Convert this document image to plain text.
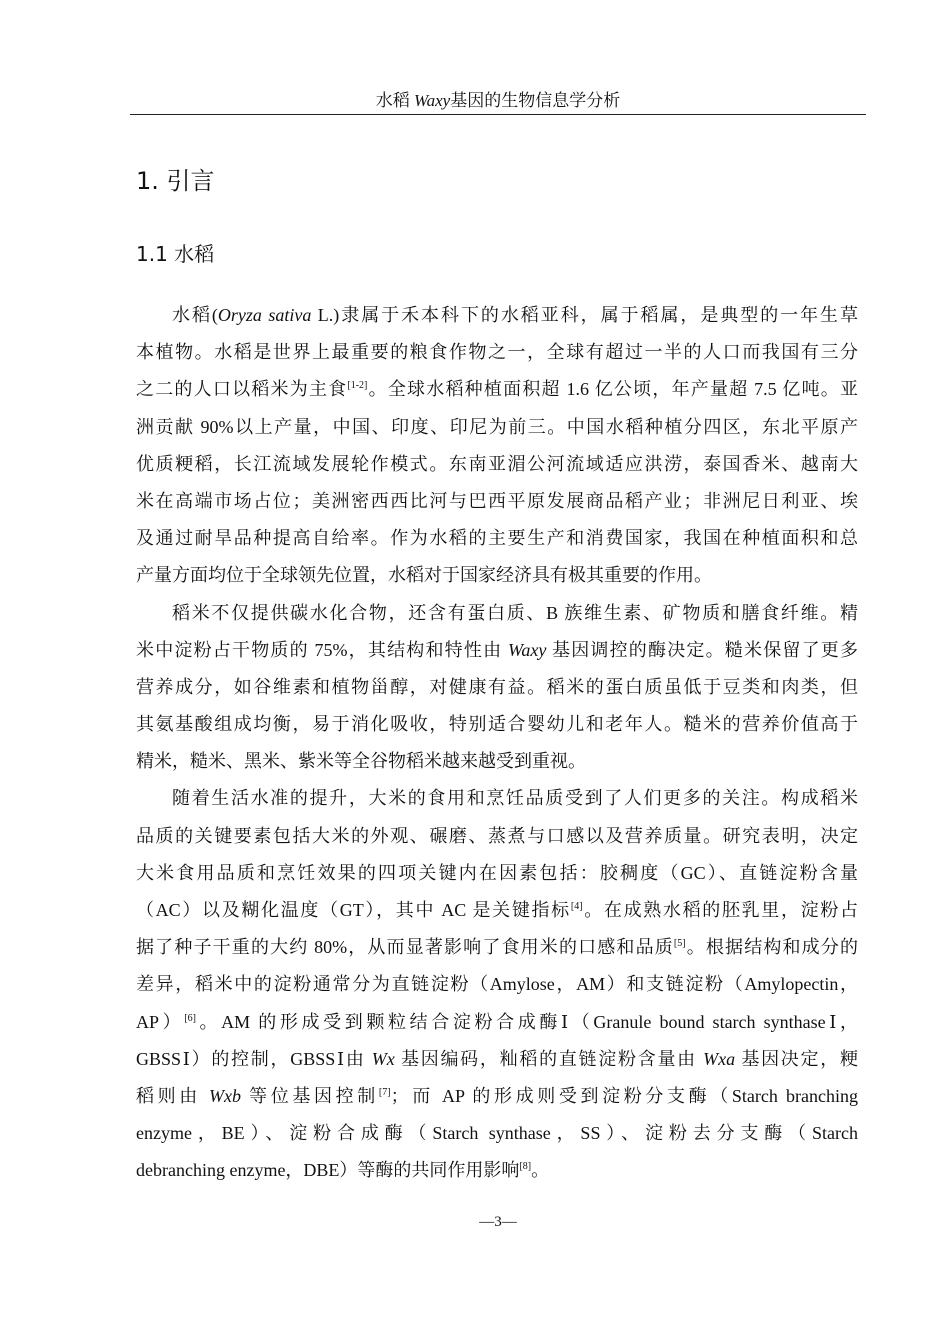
水稻 Waxy基因的生物信息学分析
1. 引言
1.1 水稻
水稻(Oryza sativa L.)隶属于禾本科下的水稻亚科，属于稻属，是典型的一年生草
本植物。水稻是世界上最重要的粮食作物之一，全球有超过一半的人口而我国有三分
之二的人口以稻米为主食[1-2]。全球水稻种植面积超 1.6 亿公顷，年产量超 7.5 亿吨。亚
洲贡献 90%以上产量，中国、印度、印尼为前三。中国水稻种植分四区，东北平原产
优质粳稻，长江流域发展轮作模式。东南亚湄公河流域适应洪涝，泰国香米、越南大
米在高端市场占位；美洲密西西比河与巴西平原发展商品稻产业；非洲尼日利亚、埃
及通过耐旱品种提高自给率。作为水稻的主要生产和消费国家，我国在种植面积和总
产量方面均位于全球领先位置，水稻对于国家经济具有极其重要的作用。
稻米不仅提供碳水化合物，还含有蛋白质、B 族维生素、矿物质和膳食纤维。精
米中淀粉占干物质的 75%，其结构和特性由 Waxy 基因调控的酶决定。糙米保留了更多
营养成分，如谷维素和植物甾醇，对健康有益。稻米的蛋白质虽低于豆类和肉类，但
其氨基酸组成均衡，易于消化吸收，特别适合婴幼儿和老年人。糙米的营养价值高于
精米，糙米、黑米、紫米等全谷物稻米越来越受到重视。
随着生活水准的提升，大米的食用和烹饪品质受到了人们更多的关注。构成稻米
品质的关键要素包括大米的外观、碾磨、蒸煮与口感以及营养质量。研究表明，决定
大米食用品质和烹饪效果的四项关键内在因素包括：胶稠度（GC）、直链淀粉含量
（AC）以及糊化温度（GT），其中 AC 是关键指标[4]。在成熟水稻的胚乳里，淀粉占
据了种子干重的大约 80%，从而显著影响了食用米的口感和品质[5]。根据结构和成分的
差异，稻米中的淀粉通常分为直链淀粉（Amylose，AM）和支链淀粉（Amylopectin，
AP）[6]。AM 的形成受到颗粒结合淀粉合成酶Ⅰ（Granule bound starch synthaseⅠ，
GBSSⅠ）的控制，GBSSⅠ由 Wx 基因编码，籼稻的直链淀粉含量由 Wxa 基因决定，粳
稻则由 Wxb 等位基因控制[7]；而 AP 的形成则受到淀粉分支酶（Starch branching
enzyme，BE）、淀粉合成酶（Starch synthase，SS）、淀粉去分支酶（Starch
debranching enzyme，DBE）等酶的共同作用影响[8]。
—3—
